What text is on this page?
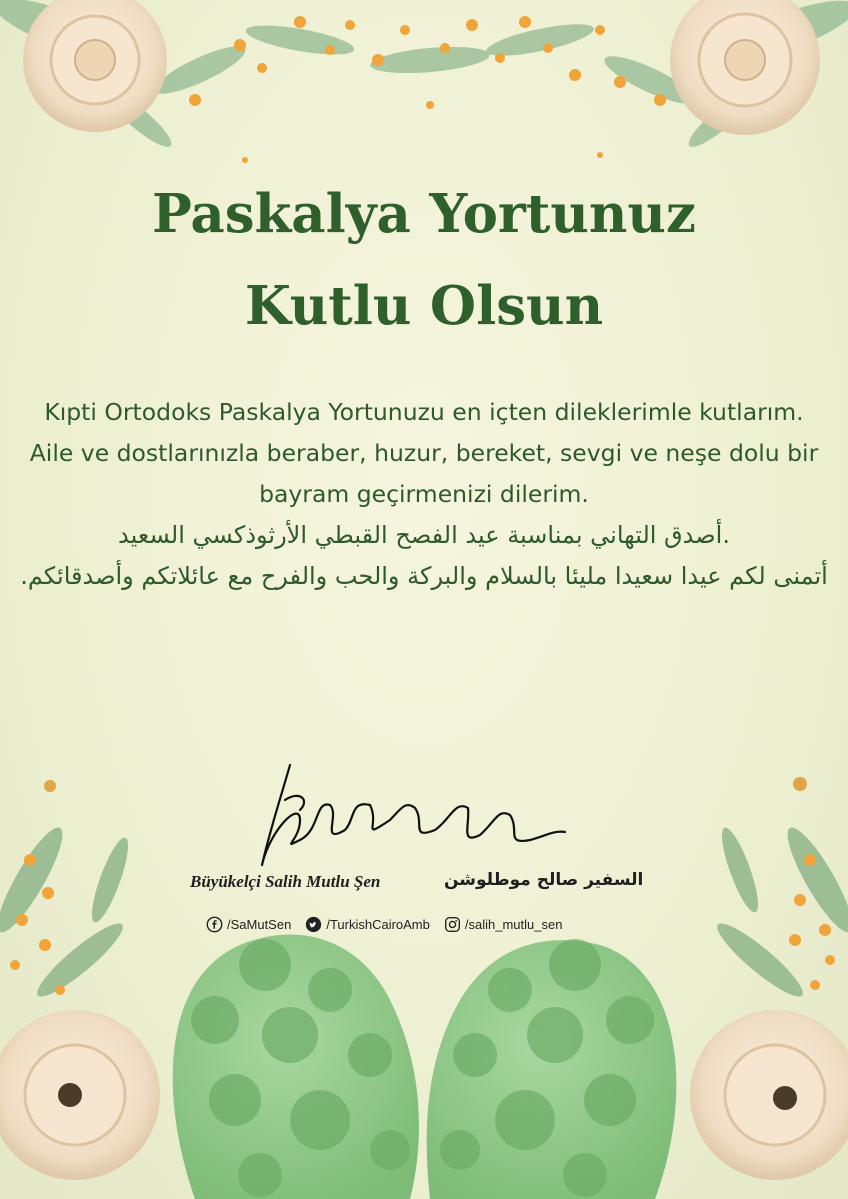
Paskalya Yortunuz
Kutlu Olsun

Kıpti Ortodoks Paskalya Yortunuzu en içten dileklerimle kutlarım.

Aile ve dostlarınızla beraber, huzur, bereket, sevgi ve neşe dolu bir bayram geçirmenizi dilerim.

.أصدق التهاني بمناسبة عيد الفصح القبطي الأرثوذكسي السعيد

أتمنى لكم عيدا سعيدا مليئا بالسلام والبركة والحب والفرح مع عائلاتكم وأصدقائكم.

Büyükelçi Salih Mutlu Şen	السفير صالح موطلوشن
/SaMutSen	/TurkishCairoAmb	/salih_mutlu_sen
